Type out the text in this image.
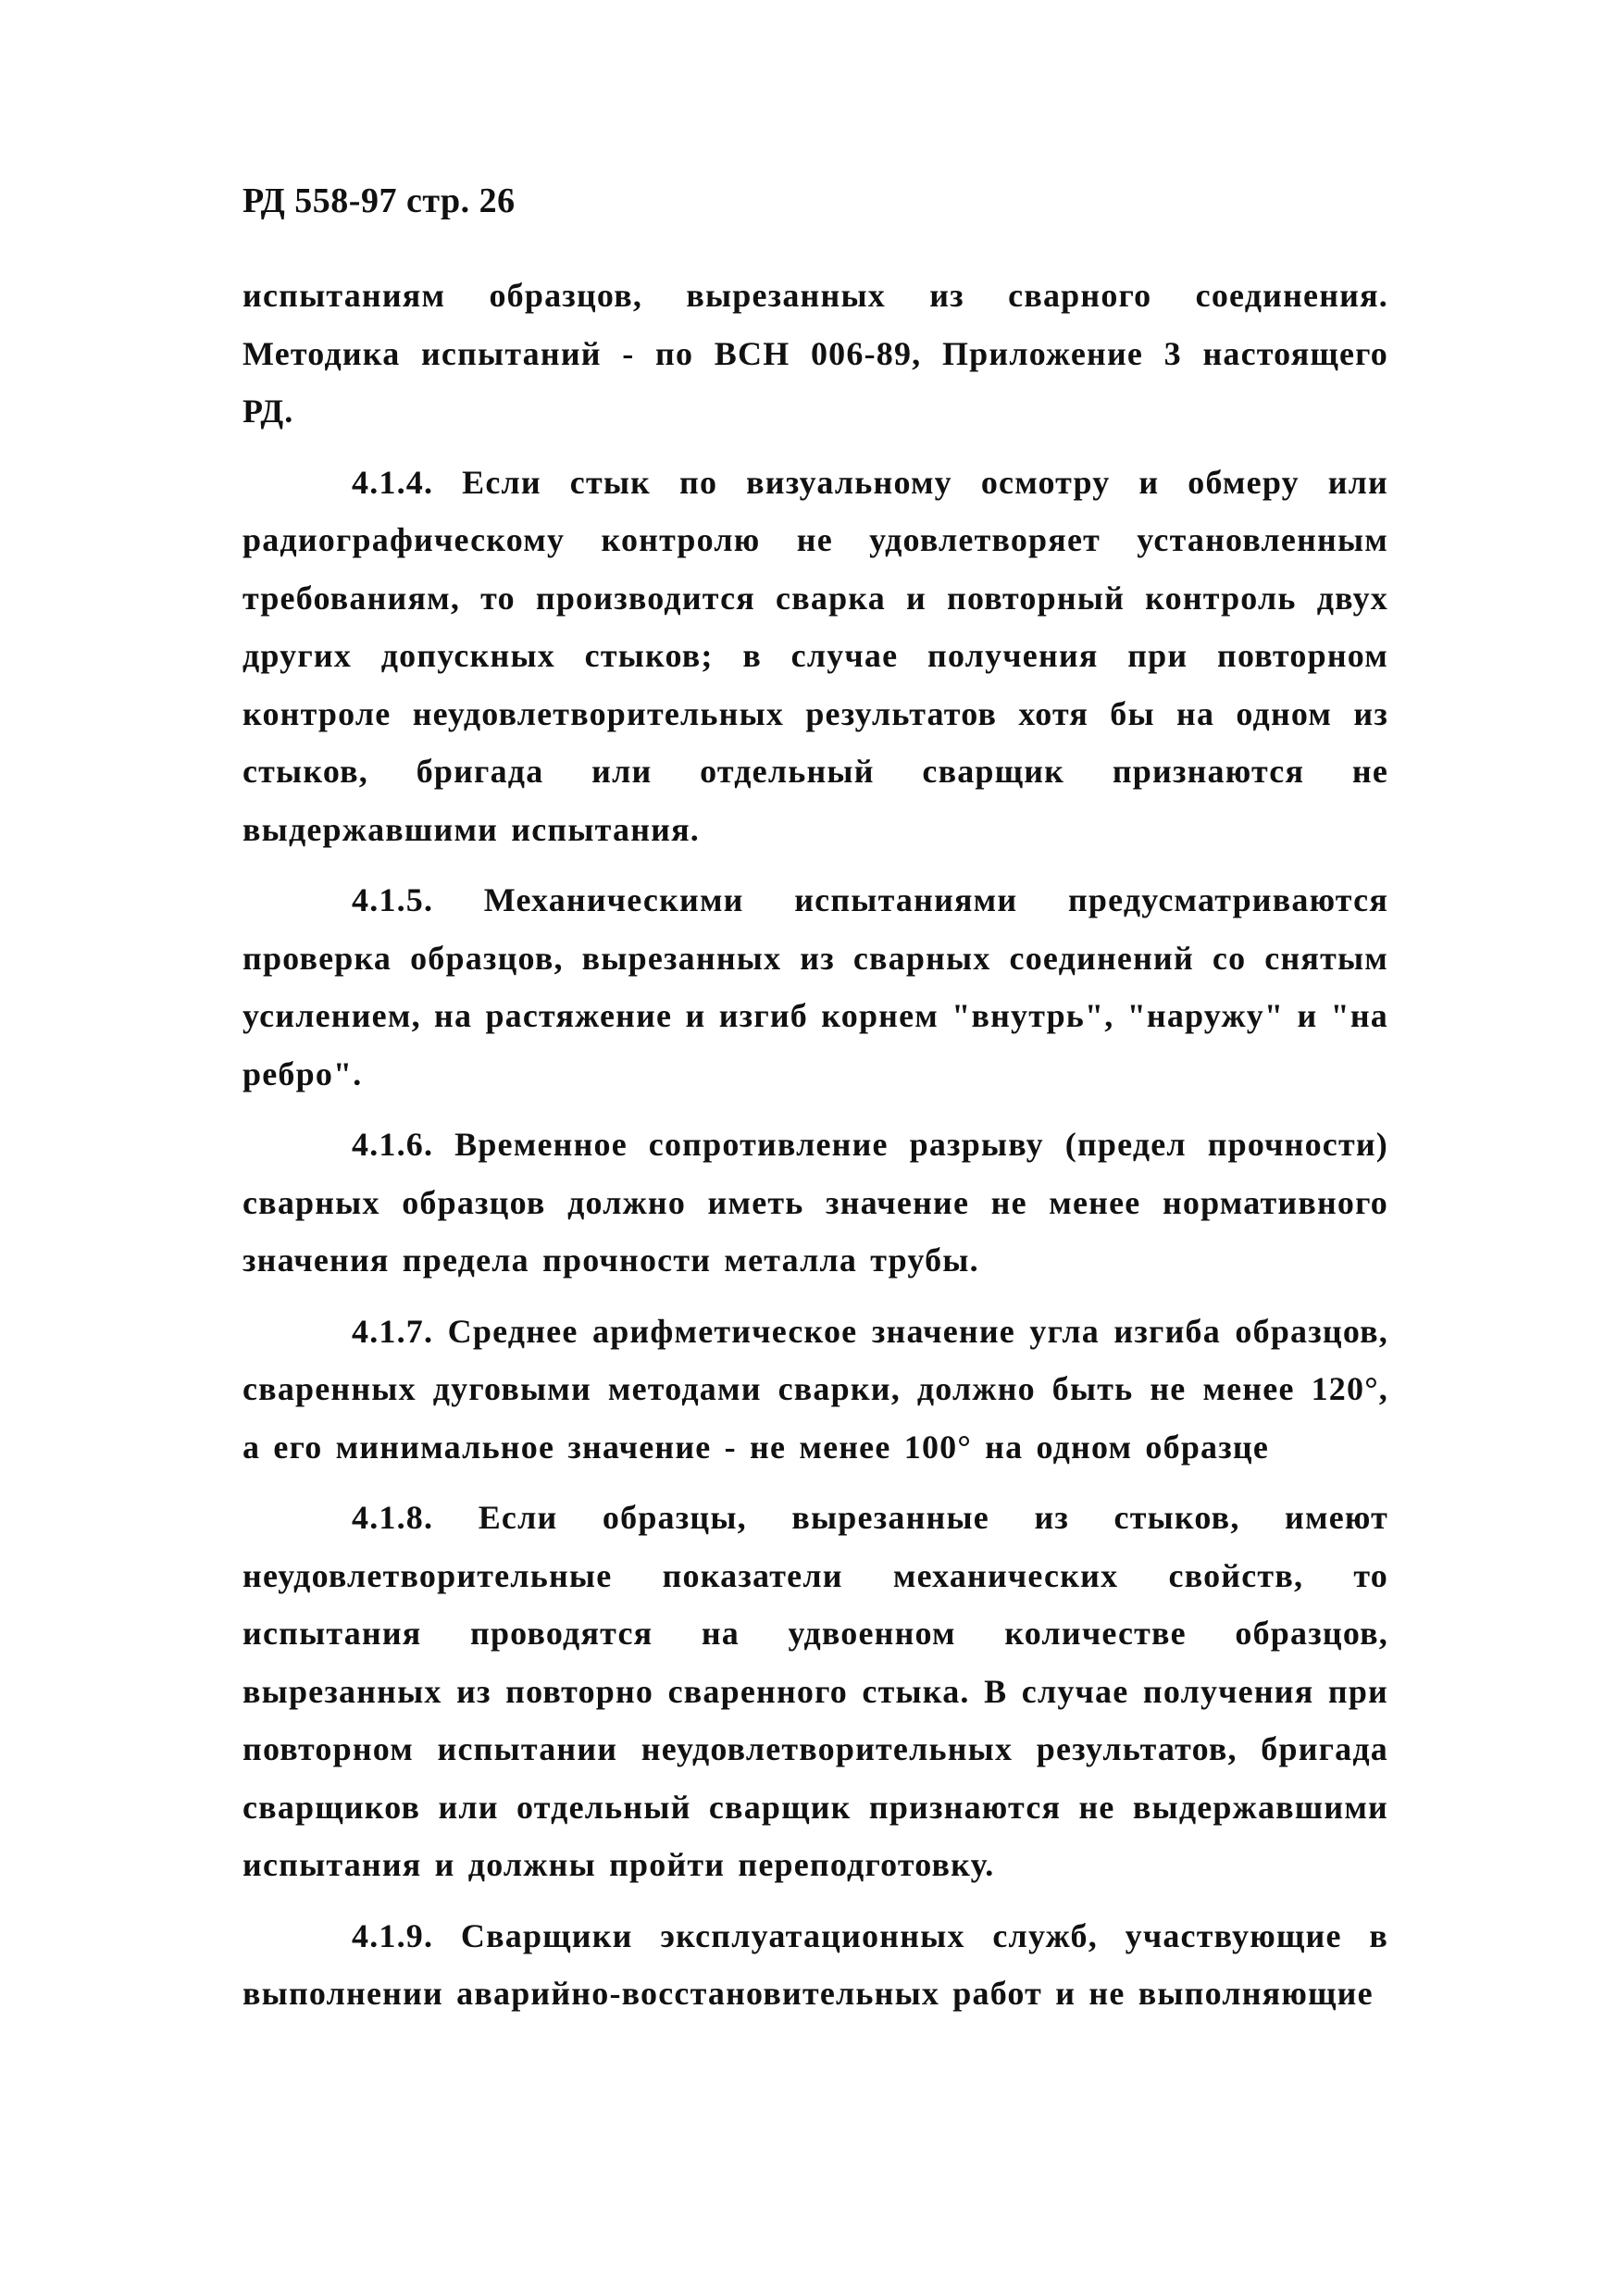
РД 558-97 стр. 26

испытаниям образцов, вырезанных из сварного соединения. Методика испытаний - по ВСН 006-89, Приложение 3 настоящего РД.

4.1.4. Если стык по визуальному осмотру и обмеру или радиографическому контролю не удовлетворяет установленным требованиям, то производится сварка и повторный контроль двух других допускных стыков; в случае получения при повторном контроле неудовлетворительных результатов хотя бы на одном из стыков, бригада или отдельный сварщик признаются не выдержавшими испытания.

4.1.5. Механическими испытаниями предусматриваются проверка образцов, вырезанных из сварных соединений со снятым усилением, на растяжение и изгиб корнем "внутрь", "наружу" и "на ребро".

4.1.6. Временное сопротивление разрыву (предел прочности) сварных образцов должно иметь значение не менее нормативного значения предела прочности металла трубы.

4.1.7. Среднее арифметическое значение угла изгиба образцов, сваренных дуговыми методами сварки, должно быть не менее 120°, а его минимальное значение - не менее 100° на одном образце

4.1.8. Если образцы, вырезанные из стыков, имеют неудовлетворительные показатели механических свойств, то испытания проводятся на удвоенном количестве образцов, вырезанных из повторно сваренного стыка. В случае получения при повторном испытании неудовлетворительных результатов, бригада сварщиков или отдельный сварщик признаются не выдержавшими испытания и должны пройти переподготовку.

4.1.9. Сварщики эксплуатационных служб, участвующие в выполнении аварийно-восстановительных работ и не выполняющие
